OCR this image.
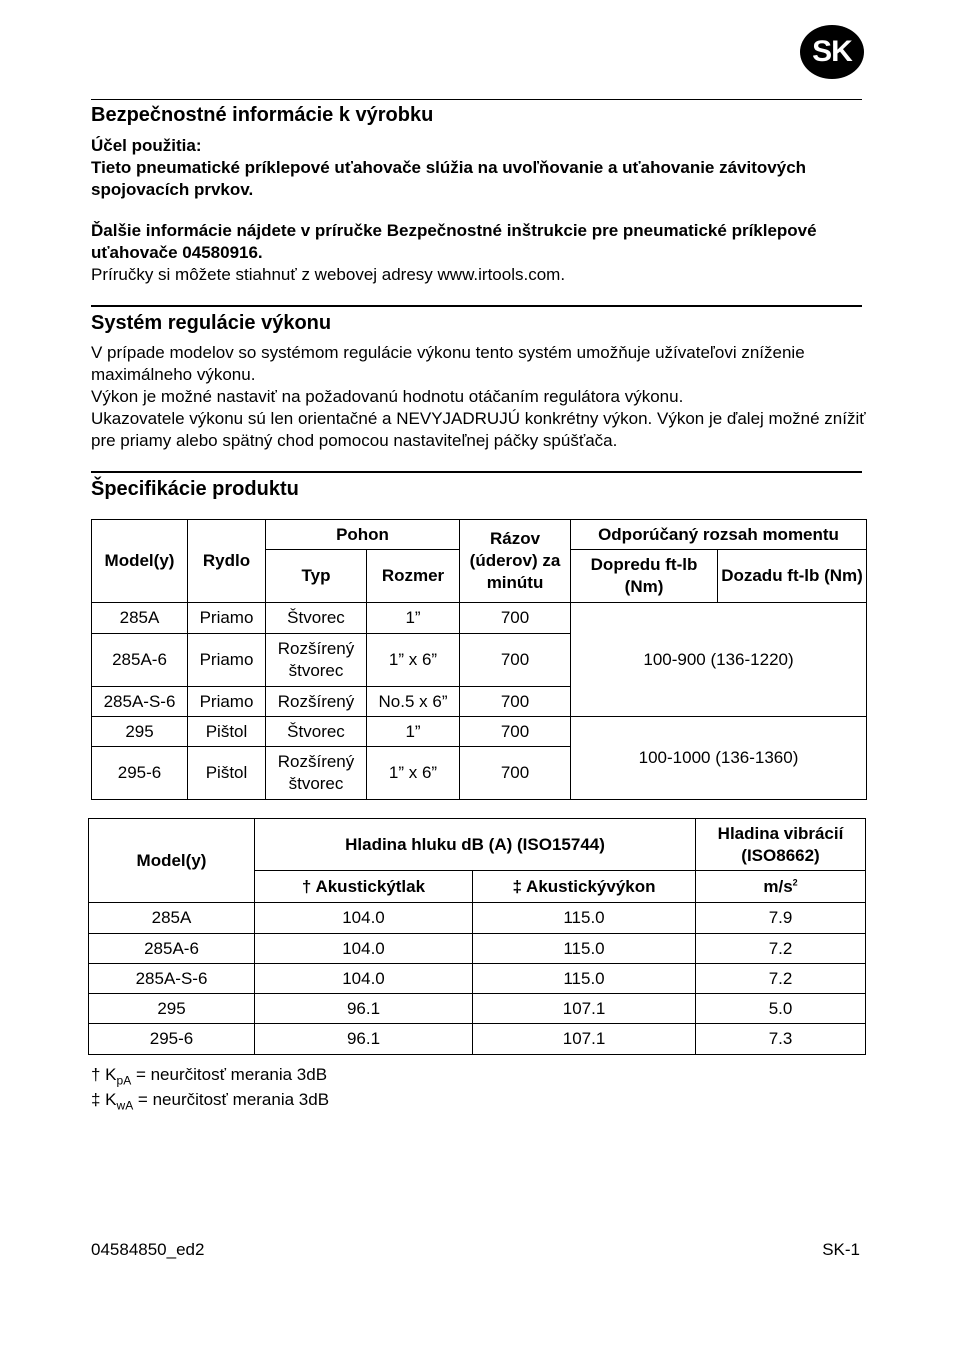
SK
Bezpečnostné informácie k výrobku

Účel použitia:

Tieto pneumatické príklepové uťahovače slúžia na uvoľňovanie a uťahovanie závitových spojovacích prvkov.

Ďalšie informácie nájdete v príručke Bezpečnostné inštrukcie pre pneumatické príklepové uťahovače 04580916.

Príručky si môžete stiahnuť z webovej adresy www.irtools.com.

Systém regulácie výkonu

V prípade modelov so systémom regulácie výkonu tento systém umožňuje užívateľovi zníženie maximálneho výkonu.

Výkon je možné nastaviť na požadovanú hodnotu otáčaním regulátora výkonu.

Ukazovatele výkonu sú len orientačné a NEVYJADRUJÚ konkrétny výkon. Výkon je ďalej možné znížiť pre priamy alebo spätný chod pomocou nastaviteľnej páčky spúšťača.

Špecifikácie produktu
Model(y)	Rydlo	Pohon		Rázov (úderov) za minútu	Odporúčaný rozsah momentu	
		Typ	Rozmer		Dopredu ft-lb (Nm)	Dozadu ft-lb (Nm)
285A	Priamo	Štvorec	1”	700	100-900 (136-1220)	
285A-6	Priamo	Rozšírený štvorec	1” x 6”	700		
285A-S-6	Priamo	Rozšírený	No.5 x 6”	700		
295	Pištol	Štvorec	1”	700	100-1000 (136-1360)	
295-6	Pištol	Rozšírený štvorec	1” x 6”	700		
Model(y)	Hladina hluku dB (A) (ISO15744)		Hladina vibrácií (ISO8662)
	† Akustickýtlak	‡ Akustickývýkon	$m/s^2$
285A	104.0	115.0	7.9
285A-6	104.0	115.0	7.2
285A-S-6	104.0	115.0	7.2
295	96.1	107.1	5.0
295-6	96.1	107.1	7.3

† $K_{pA}$ = neurčitosť merania 3dB

‡ $K_{wA}$ = neurčitosť merania 3dB

04584850_ed2	SK-1
